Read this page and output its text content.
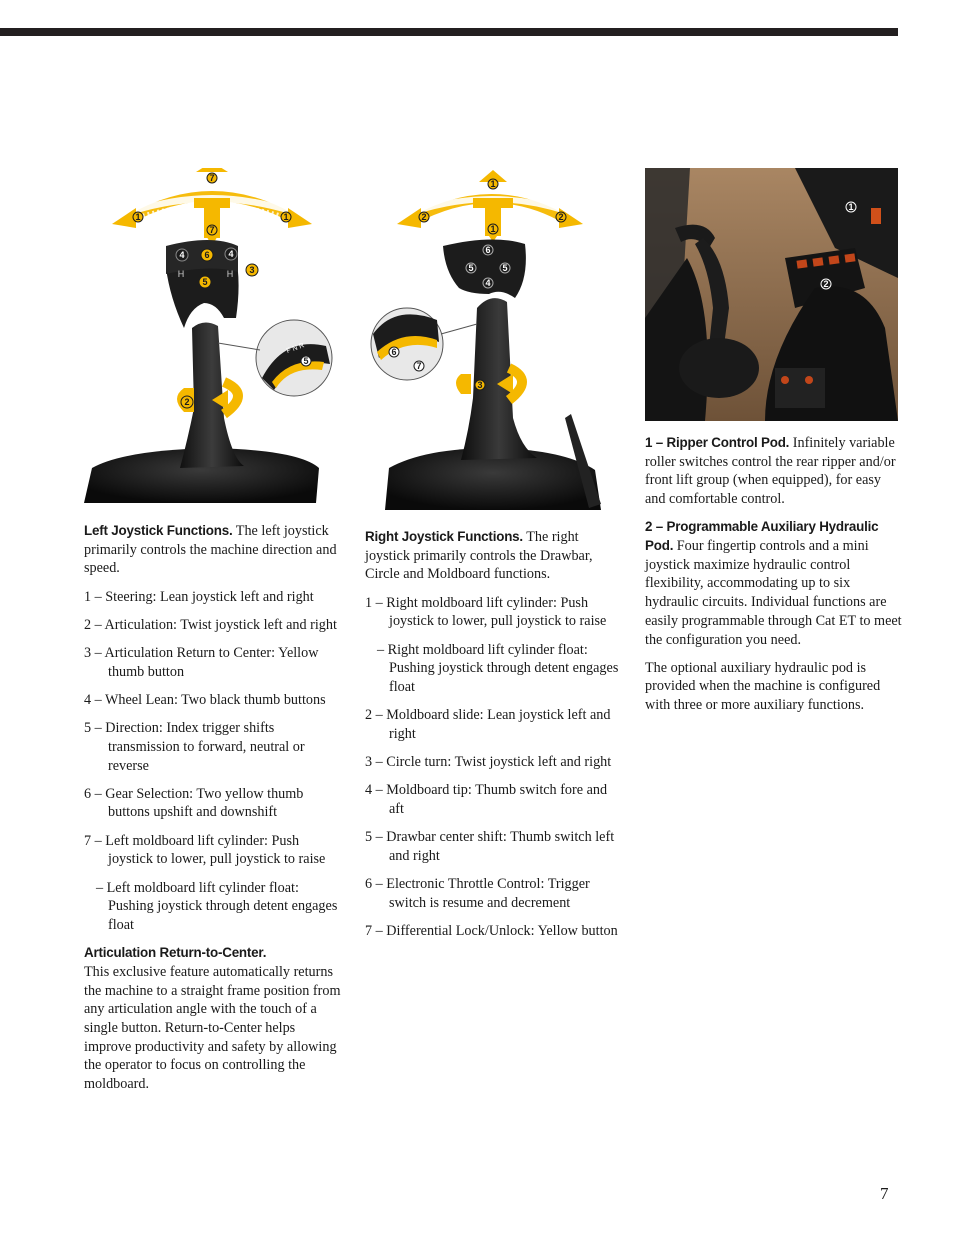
7
1	1
7
4 6 4
3
5
5
2
H	H
F N R
1
2	2
1
6
5	5
4
6
7
3
1
2

Left Joystick Functions. The left joystick primarily controls the machine direction and speed.

1 – Steering: Lean joystick left and right

2 – Articulation: Twist joystick left and right

3 – Articulation Return to Center: Yellow thumb button

4 – Wheel Lean: Two black thumb buttons

5 – Direction: Index trigger shifts transmission to forward, neutral or reverse

6 – Gear Selection: Two yellow thumb buttons upshift and downshift

7 – Left moldboard lift cylinder: Push joystick to lower, pull joystick to raise

– Left moldboard lift cylinder float: Pushing joystick through detent engages float

Articulation Return-to-Center.
This exclusive feature automatically returns the machine to a straight frame position from any articulation angle with the touch of a single button. Return-to-Center helps improve productivity and safety by allowing the operator to focus on controlling the moldboard.

Right Joystick Functions. The right joystick primarily controls the Drawbar, Circle and Moldboard functions.

1 – Right moldboard lift cylinder: Push joystick to lower, pull joystick to raise

– Right moldboard lift cylinder float: Pushing joystick through detent engages float

2 – Moldboard slide: Lean joystick left and right

3 – Circle turn: Twist joystick left and right

4 – Moldboard tip: Thumb switch fore and aft

5 – Drawbar center shift: Thumb switch left and right

6 – Electronic Throttle Control: Trigger switch is resume and decrement

7 – Differential Lock/Unlock: Yellow button

1 – Ripper Control Pod. Infinitely variable roller switches control the rear ripper and/or front lift group (when equipped), for easy and comfortable control.

2 – Programmable Auxiliary Hydraulic Pod. Four fingertip controls and a mini joystick maximize hydraulic control flexibility, accommodating up to six hydraulic circuits. Individual functions are easily programmable through Cat ET to meet the configuration you need.

The optional auxiliary hydraulic pod is provided when the machine is configured with three or more auxiliary functions.

7
